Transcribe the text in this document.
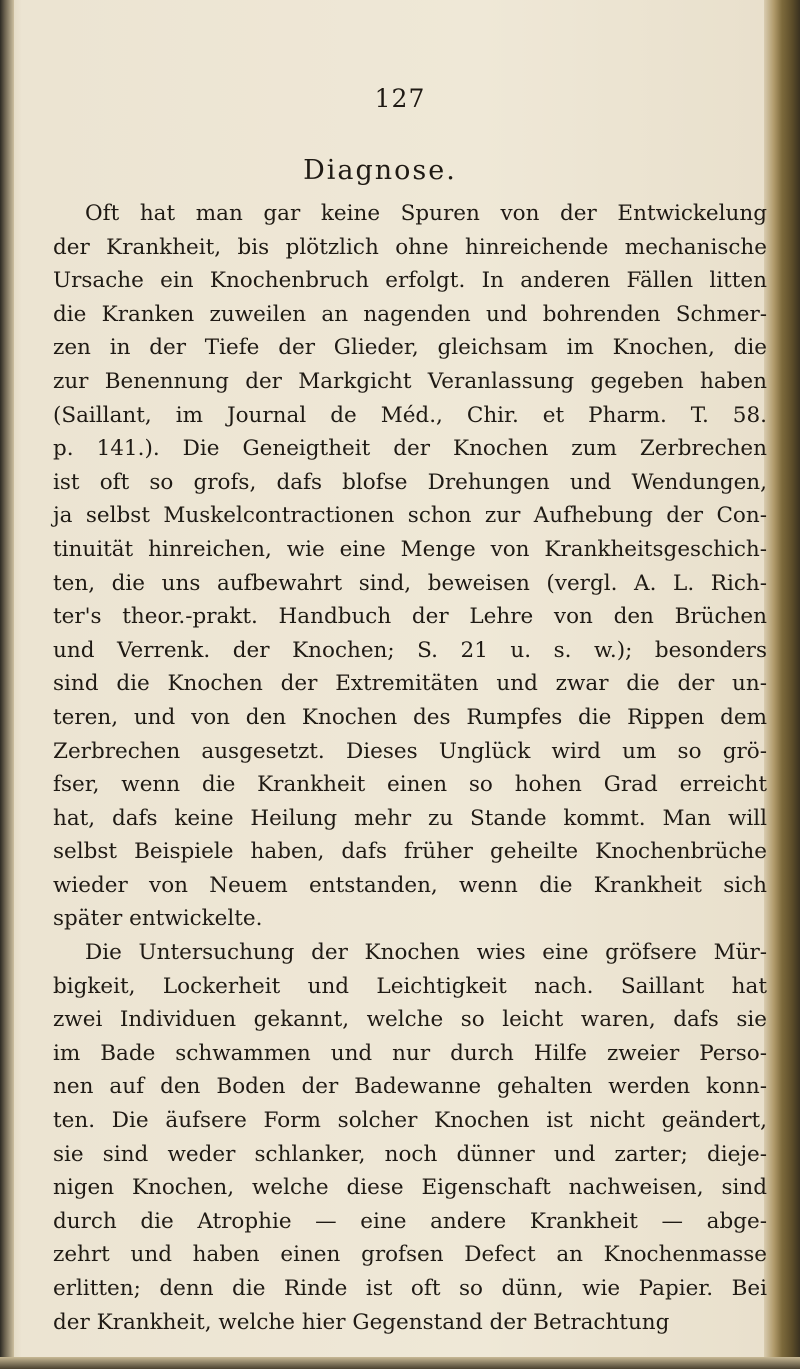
127
Diagnose.
Oft hat man gar keine Spuren von der Entwickelung
der Krankheit, bis plötzlich ohne hinreichende mechanische
Ursache ein Knochenbruch erfolgt. In anderen Fällen litten
die Kranken zuweilen an nagenden und bohrenden Schmer-
zen in der Tiefe der Glieder, gleichsam im Knochen, die
zur Benennung der Markgicht Veranlassung gegeben haben
(Saillant, im Journal de Méd., Chir. et Pharm. T. 58.
p. 141.). Die Geneigtheit der Knochen zum Zerbrechen
ist oft so grofs, dafs blofse Drehungen und Wendungen,
ja selbst Muskelcontractionen schon zur Aufhebung der Con-
tinuität hinreichen, wie eine Menge von Krankheitsgeschich-
ten, die uns aufbewahrt sind, beweisen (vergl. A. L. Rich-
ter's theor.-prakt. Handbuch der Lehre von den Brüchen
und Verrenk. der Knochen; S. 21 u. s. w.); besonders
sind die Knochen der Extremitäten und zwar die der un-
teren, und von den Knochen des Rumpfes die Rippen dem
Zerbrechen ausgesetzt. Dieses Unglück wird um so grö-
fser, wenn die Krankheit einen so hohen Grad erreicht
hat, dafs keine Heilung mehr zu Stande kommt. Man will
selbst Beispiele haben, dafs früher geheilte Knochenbrüche
wieder von Neuem entstanden, wenn die Krankheit sich
später entwickelte.
Die Untersuchung der Knochen wies eine gröfsere Mür-
bigkeit, Lockerheit und Leichtigkeit nach. Saillant hat
zwei Individuen gekannt, welche so leicht waren, dafs sie
im Bade schwammen und nur durch Hilfe zweier Perso-
nen auf den Boden der Badewanne gehalten werden konn-
ten. Die äufsere Form solcher Knochen ist nicht geändert,
sie sind weder schlanker, noch dünner und zarter; dieje-
nigen Knochen, welche diese Eigenschaft nachweisen, sind
durch die Atrophie — eine andere Krankheit — abge-
zehrt und haben einen grofsen Defect an Knochenmasse
erlitten; denn die Rinde ist oft so dünn, wie Papier. Bei
der Krankheit, welche hier Gegenstand der Betrachtung
